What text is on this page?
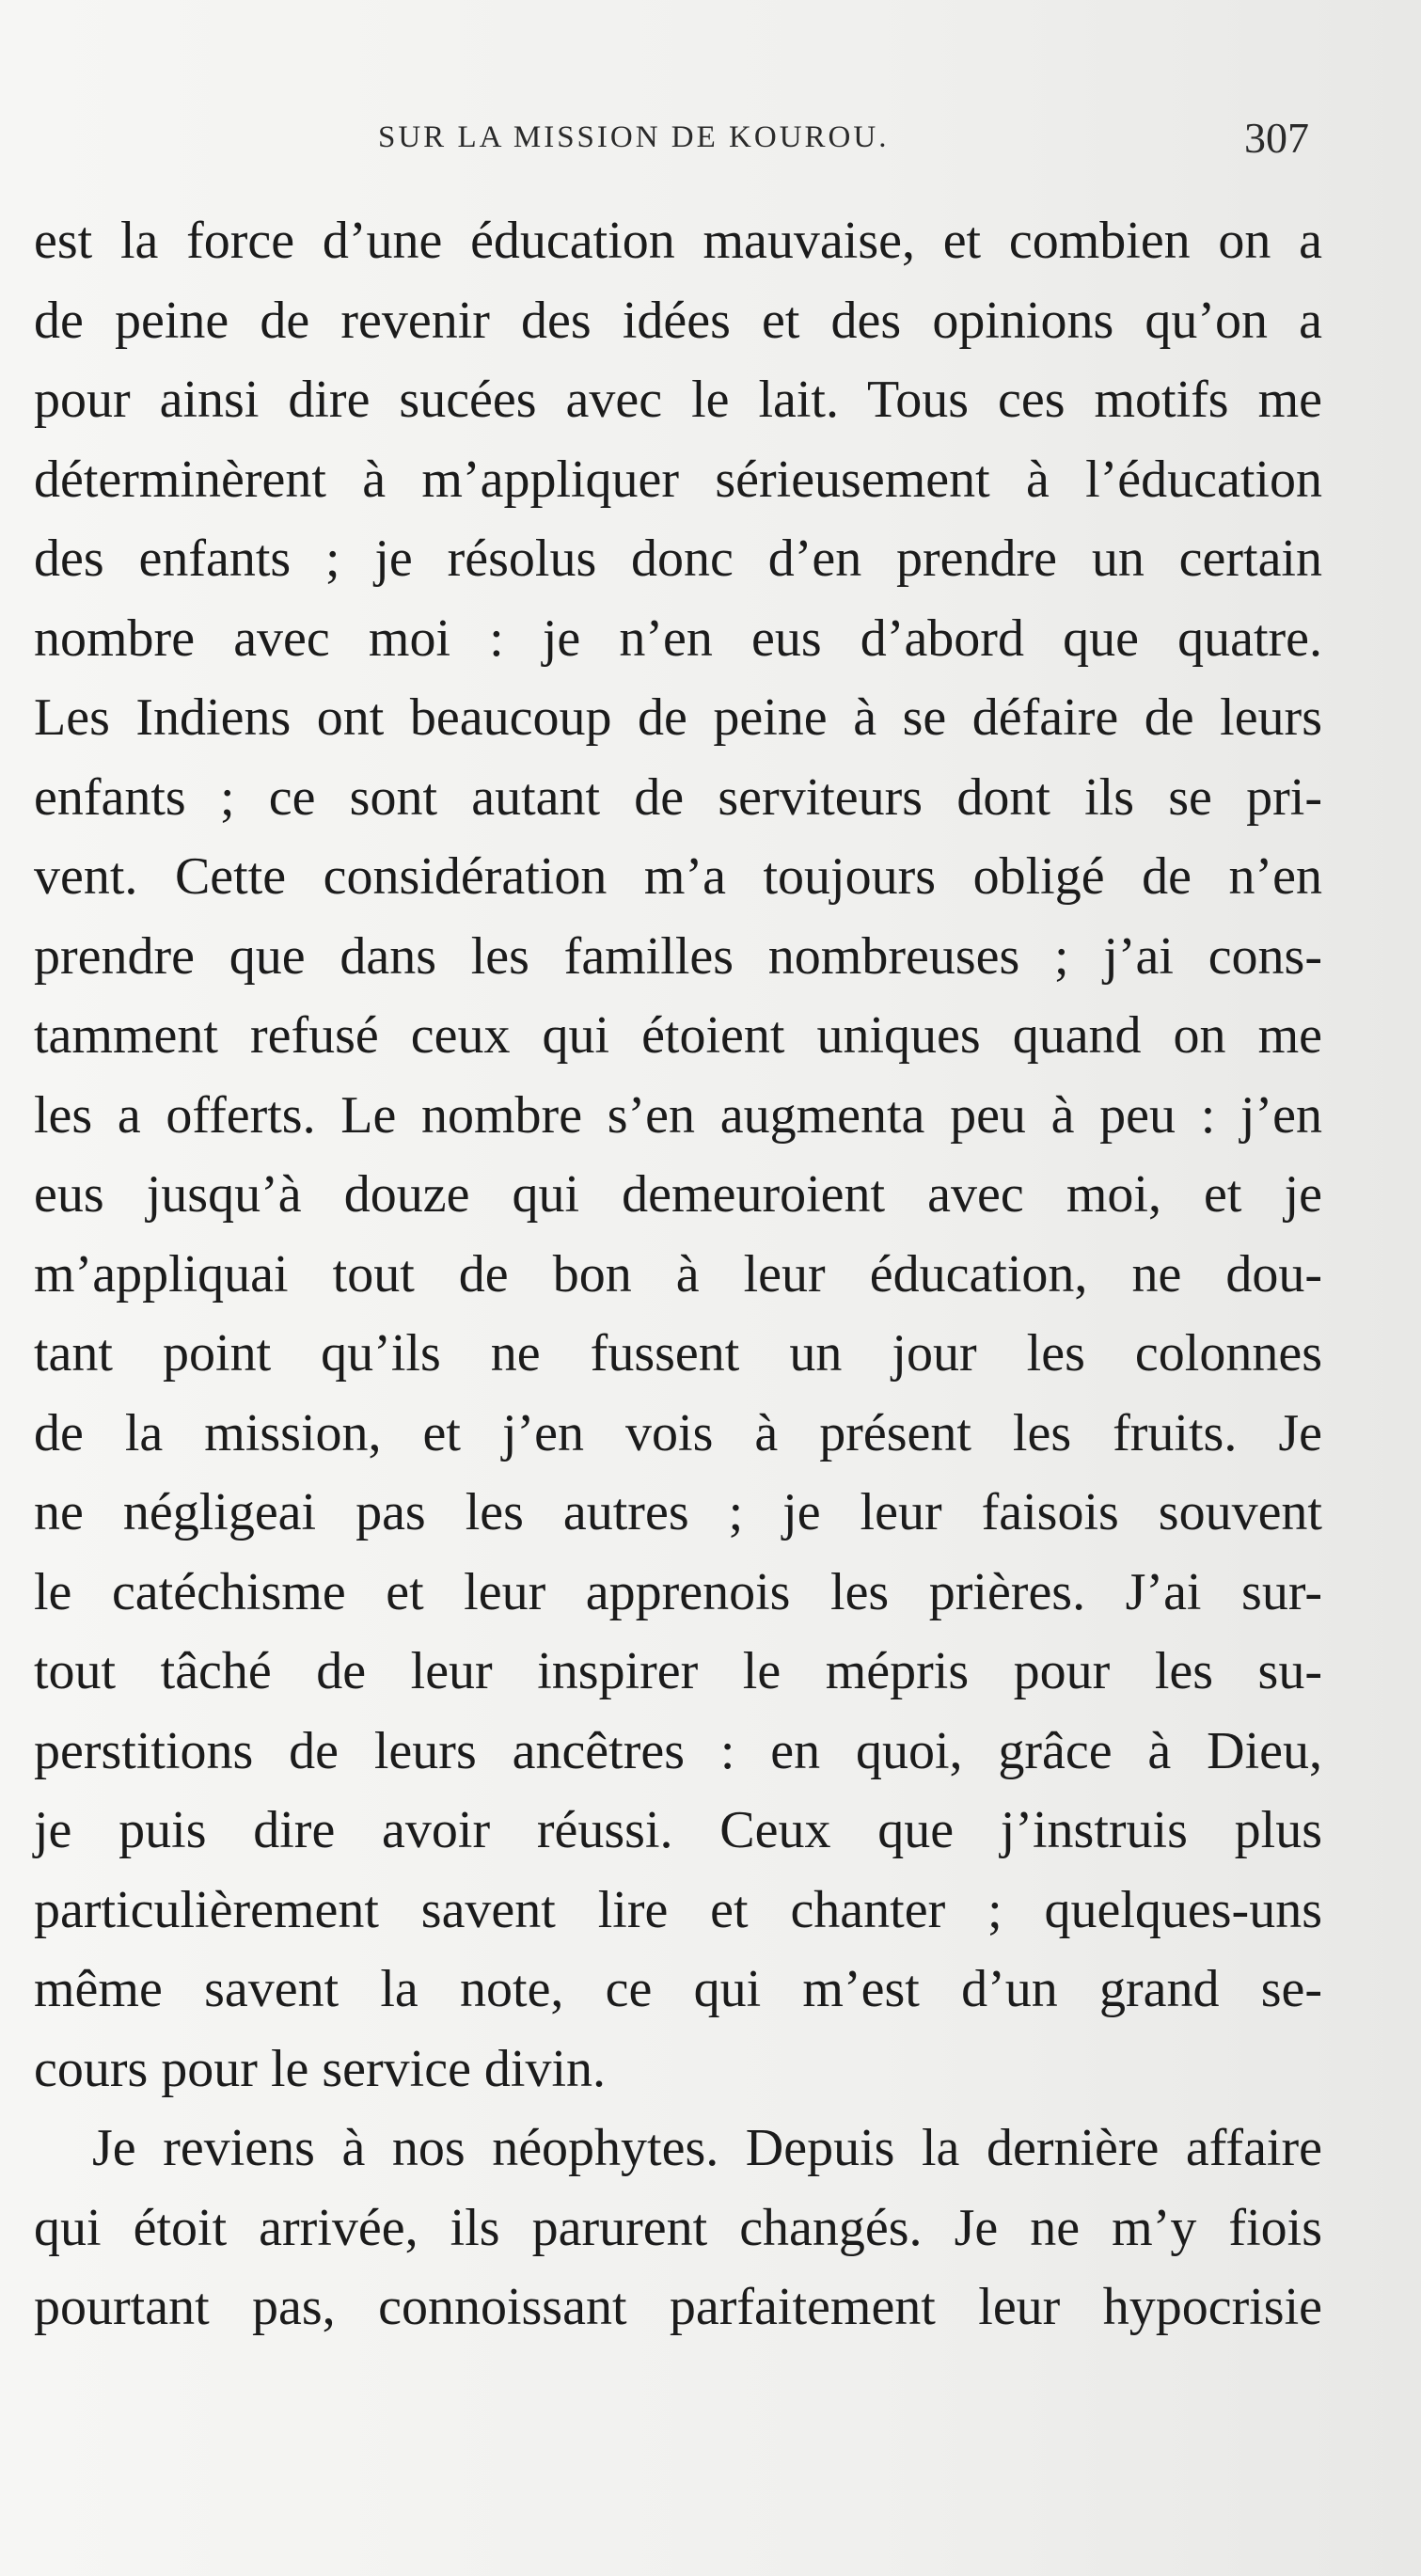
SUR LA MISSION DE KOUROU.	307
est la force d’une éducation mauvaise, et combien on a
de peine de revenir des idées et des opinions qu’on a
pour ainsi dire sucées avec le lait. Tous ces motifs me
déterminèrent à m’appliquer sérieusement à l’éducation
des enfants ; je résolus donc d’en prendre un certain
nombre avec moi : je n’en eus d’abord que quatre.
Les Indiens ont beaucoup de peine à se défaire de leurs
enfants ; ce sont autant de serviteurs dont ils se pri-
vent. Cette considération m’a toujours obligé de n’en
prendre que dans les familles nombreuses ; j’ai cons-
tamment refusé ceux qui étoient uniques quand on me
les a offerts. Le nombre s’en augmenta peu à peu : j’en
eus jusqu’à douze qui demeuroient avec moi, et je
m’appliquai tout de bon à leur éducation, ne dou-
tant point qu’ils ne fussent un jour les colonnes
de la mission, et j’en vois à présent les fruits. Je
ne négligeai pas les autres ; je leur faisois souvent
le catéchisme et leur apprenois les prières. J’ai sur-
tout tâché de leur inspirer le mépris pour les su-
perstitions de leurs ancêtres : en quoi, grâce à Dieu,
je puis dire avoir réussi. Ceux que j’instruis plus
particulièrement savent lire et chanter ; quelques-uns
même savent la note, ce qui m’est d’un grand se-
cours pour le service divin.
Je reviens à nos néophytes. Depuis la dernière affaire
qui étoit arrivée, ils parurent changés. Je ne m’y fiois
pourtant pas, connoissant parfaitement leur hypocrisie
